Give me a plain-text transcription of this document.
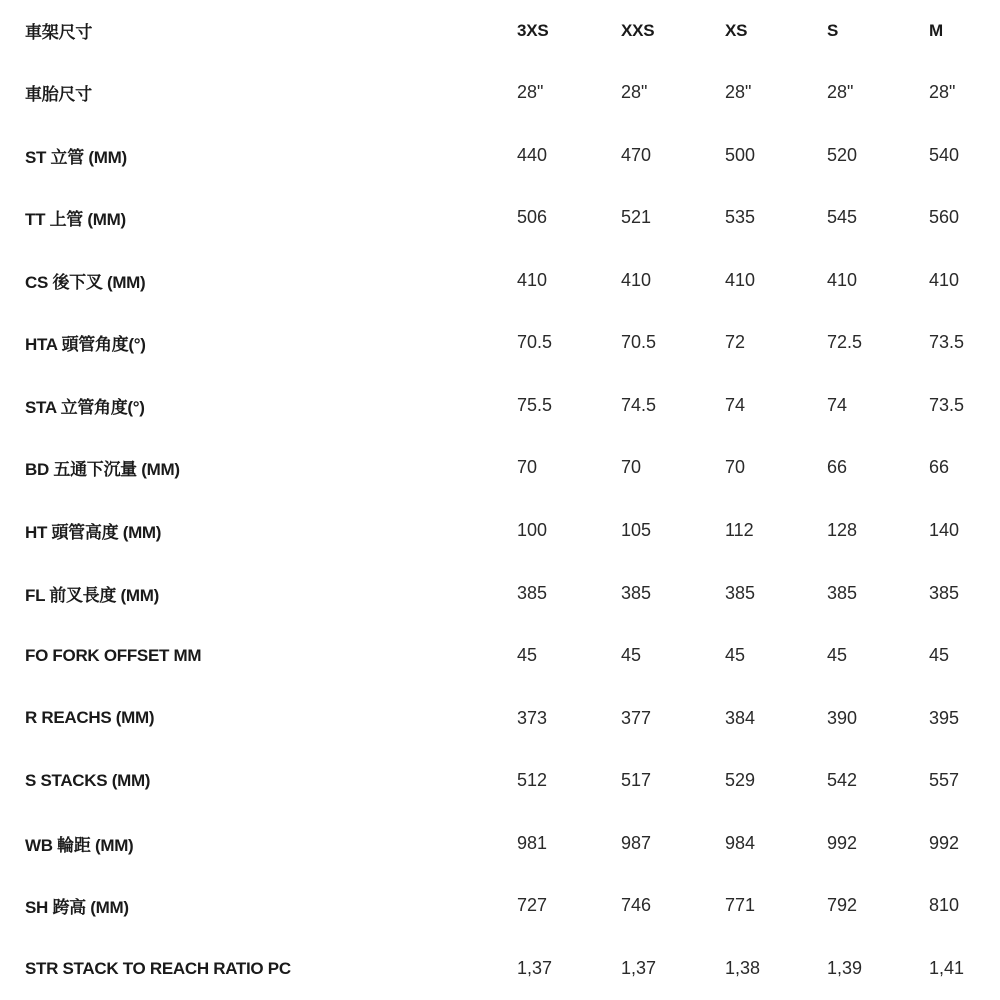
車架尺寸	3XS	XXS	XS	S	M
車胎尺寸	28"	28"	28"	28"	28"
ST 立管 (MM)	440	470	500	520	540
TT 上管 (MM)	506	521	535	545	560
CS 後下叉 (MM)	410	410	410	410	410
HTA 頭管角度(°)	70.5	70.5	72	72.5	73.5
STA 立管角度(°)	75.5	74.5	74	74	73.5
BD 五通下沉量 (MM)	70	70	70	66	66
HT 頭管高度 (MM)	100	105	112	128	140
FL 前叉長度 (MM)	385	385	385	385	385
FO FORK OFFSET MM	45	45	45	45	45
R REACHS (MM)	373	377	384	390	395
S STACKS (MM)	512	517	529	542	557
WB 輪距 (MM)	981	987	984	992	992
SH 跨高 (MM)	727	746	771	792	810
STR STACK TO REACH RATIO PC	1,37	1,37	1,38	1,39	1,41
